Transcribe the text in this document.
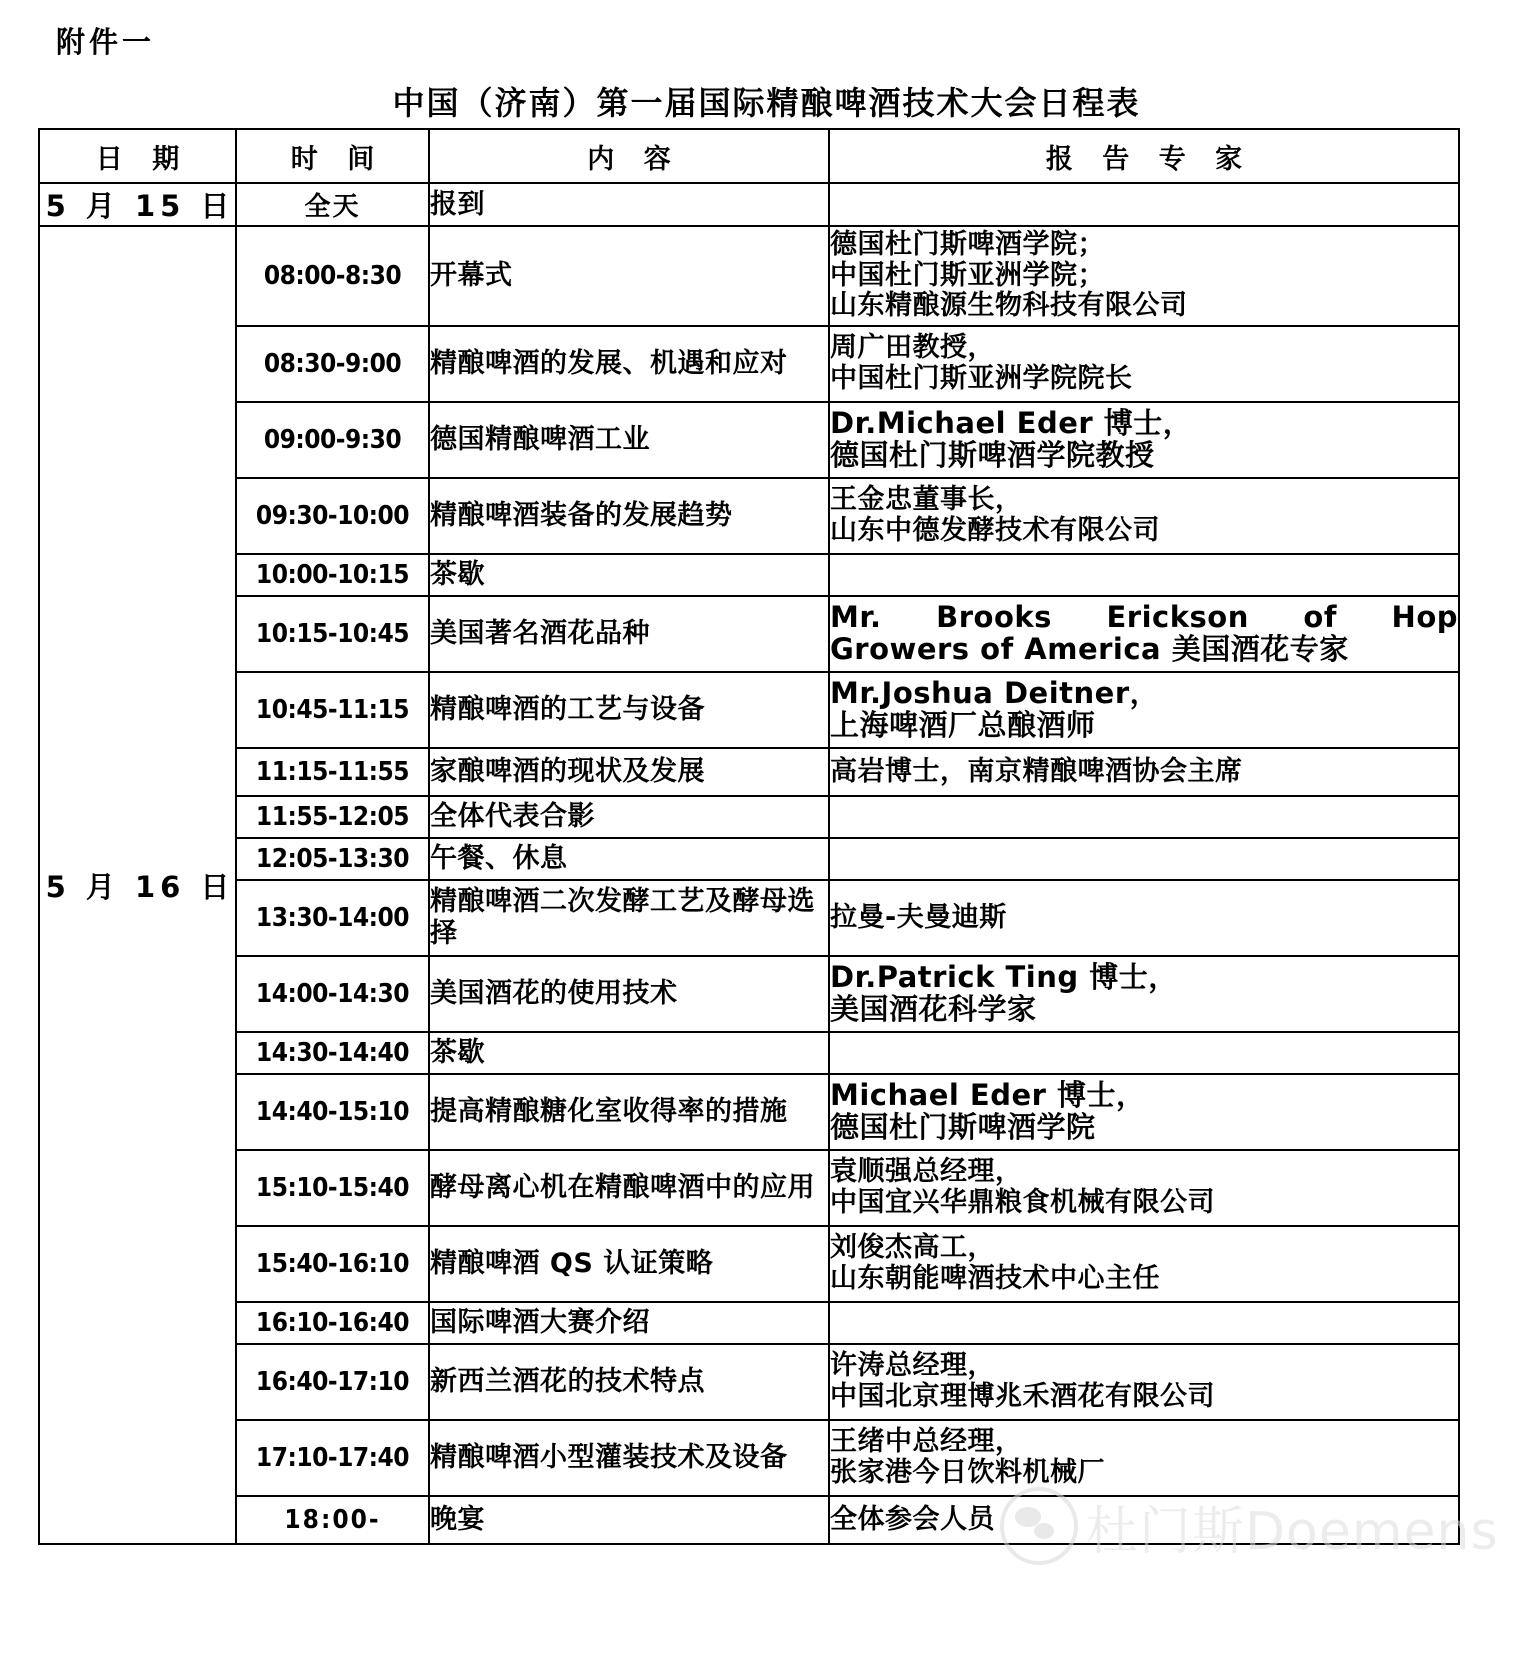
附件一
中国（济南）第一届国际精酿啤酒技术大会日程表
日 期	时 间	内 容	报 告 专 家
5 月 15 日	全天	报到	
5 月 16 日	08:00-8:30	开幕式	德国杜门斯啤酒学院；
中国杜门斯亚洲学院；
山东精酿源生物科技有限公司

	08:30-9:00	精酿啤酒的发展、机遇和应对	周广田教授，
中国杜门斯亚洲学院院长

	09:00-9:30	德国精酿啤酒工业	Dr.Michael Eder 博士，
德国杜门斯啤酒学院教授

	09:30-10:00	精酿啤酒装备的发展趋势	王金忠董事长，
山东中德发酵技术有限公司

	10:00-10:15	茶歇	
	10:15-10:45	美国著名酒花品种	Mr. Brooks Erickson of Hop
Growers of America 美国酒花专家

	10:45-11:15	精酿啤酒的工艺与设备	Mr.Joshua Deitner，
上海啤酒厂总酿酒师

	11:15-11:55	家酿啤酒的现状及发展	高岩博士，南京精酿啤酒协会主席

	11:55-12:05	全体代表合影	
	12:05-13:30	午餐、休息	
	13:30-14:00	精酿啤酒二次发酵工艺及酵母选择	拉曼-夫曼迪斯

	14:00-14:30	美国酒花的使用技术	Dr.Patrick Ting 博士，
美国酒花科学家

	14:30-14:40	茶歇	
	14:40-15:10	提高精酿糖化室收得率的措施	Michael Eder 博士，
德国杜门斯啤酒学院

	15:10-15:40	酵母离心机在精酿啤酒中的应用	袁顺强总经理，
中国宜兴华鼎粮食机械有限公司

	15:40-16:10	精酿啤酒 QS 认证策略	刘俊杰高工，
山东朝能啤酒技术中心主任

	16:10-16:40	国际啤酒大赛介绍	
	16:40-17:10	新西兰酒花的技术特点	许涛总经理，
中国北京理博兆禾酒花有限公司

	17:10-17:40	精酿啤酒小型灌装技术及设备	王绪中总经理，
张家港今日饮料机械厂

	18:00-	晚宴	全体参会人员	杜门斯Doemens
